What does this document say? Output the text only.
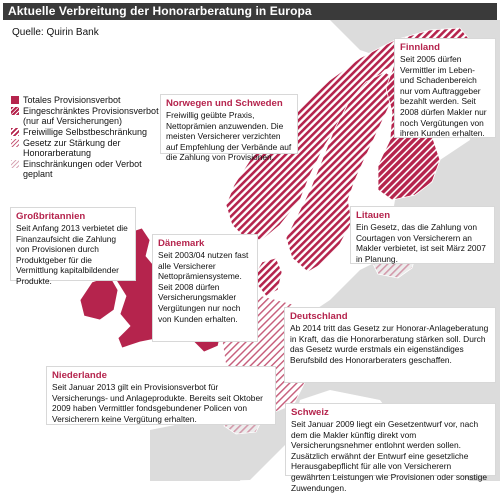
Aktuelle Verbreitung der Honorarberatung in Europa
Quelle: Quirin Bank
Totales Provisionsverbot
Eingeschränktes Provisionsverbot (nur auf Versicherungen)
Freiwillige Selbstbeschränkung
Gesetz zur Stärkung der Honorarberatung
Einschränkungen oder Verbot geplant
Finnland
Seit 2005 dürfen Vermittler im Leben- und Schadenbereich nur vom Auftraggeber bezahlt werden. Seit 2008 dürfen Makler nur noch Vergütungen von ihren Kunden erhalten.
Norwegen und Schweden
Freiwillig geübte Praxis, Nettoprämien anzuwenden. Die meisten Versicherer verzichten auf Empfehlung der Verbände auf die Zahlung von Provisionen.
Großbritannien
Seit Anfang 2013 verbietet die Finanzaufsicht die Zahlung von Provisionen durch Produktgeber für die Vermittlung kapitalbildender Produkte.
Dänemark
Seit 2003/04 nutzen fast alle Versicherer Nettoprämiensysteme. Seit 2008 dürfen Versicherungsmakler Vergütungen nur noch von Kunden erhalten.
Litauen
Ein Gesetz, das die Zahlung von Courtagen von Versicherern an Makler verbietet, ist seit März 2007 in Planung.
Deutschland
Ab 2014 tritt das Gesetz zur Honorar-Anlageberatung in Kraft, das die Honorarberatung stärken soll. Durch das Gesetz wurde erstmals ein eigenständiges Berufsbild des Honorarberaters geschaffen.
Niederlande
Seit Januar 2013 gilt ein Provisionsverbot für Versicherungs- und Anlageprodukte. Bereits seit Oktober 2009 haben Vermittler fondsgebundener Policen von Versicherern keine Vergütung erhalten.
Schweiz
Seit Januar 2009 liegt ein Gesetzentwurf vor, nach dem die Makler künftig direkt vom Versicherungsnehmer entlohnt werden sollen. Zusätzlich erwähnt der Entwurf eine gesetzliche Herausgabepflicht für alle von Versicherern gewährten Leistungen wie Provisionen oder sonstige Zuwendungen.
